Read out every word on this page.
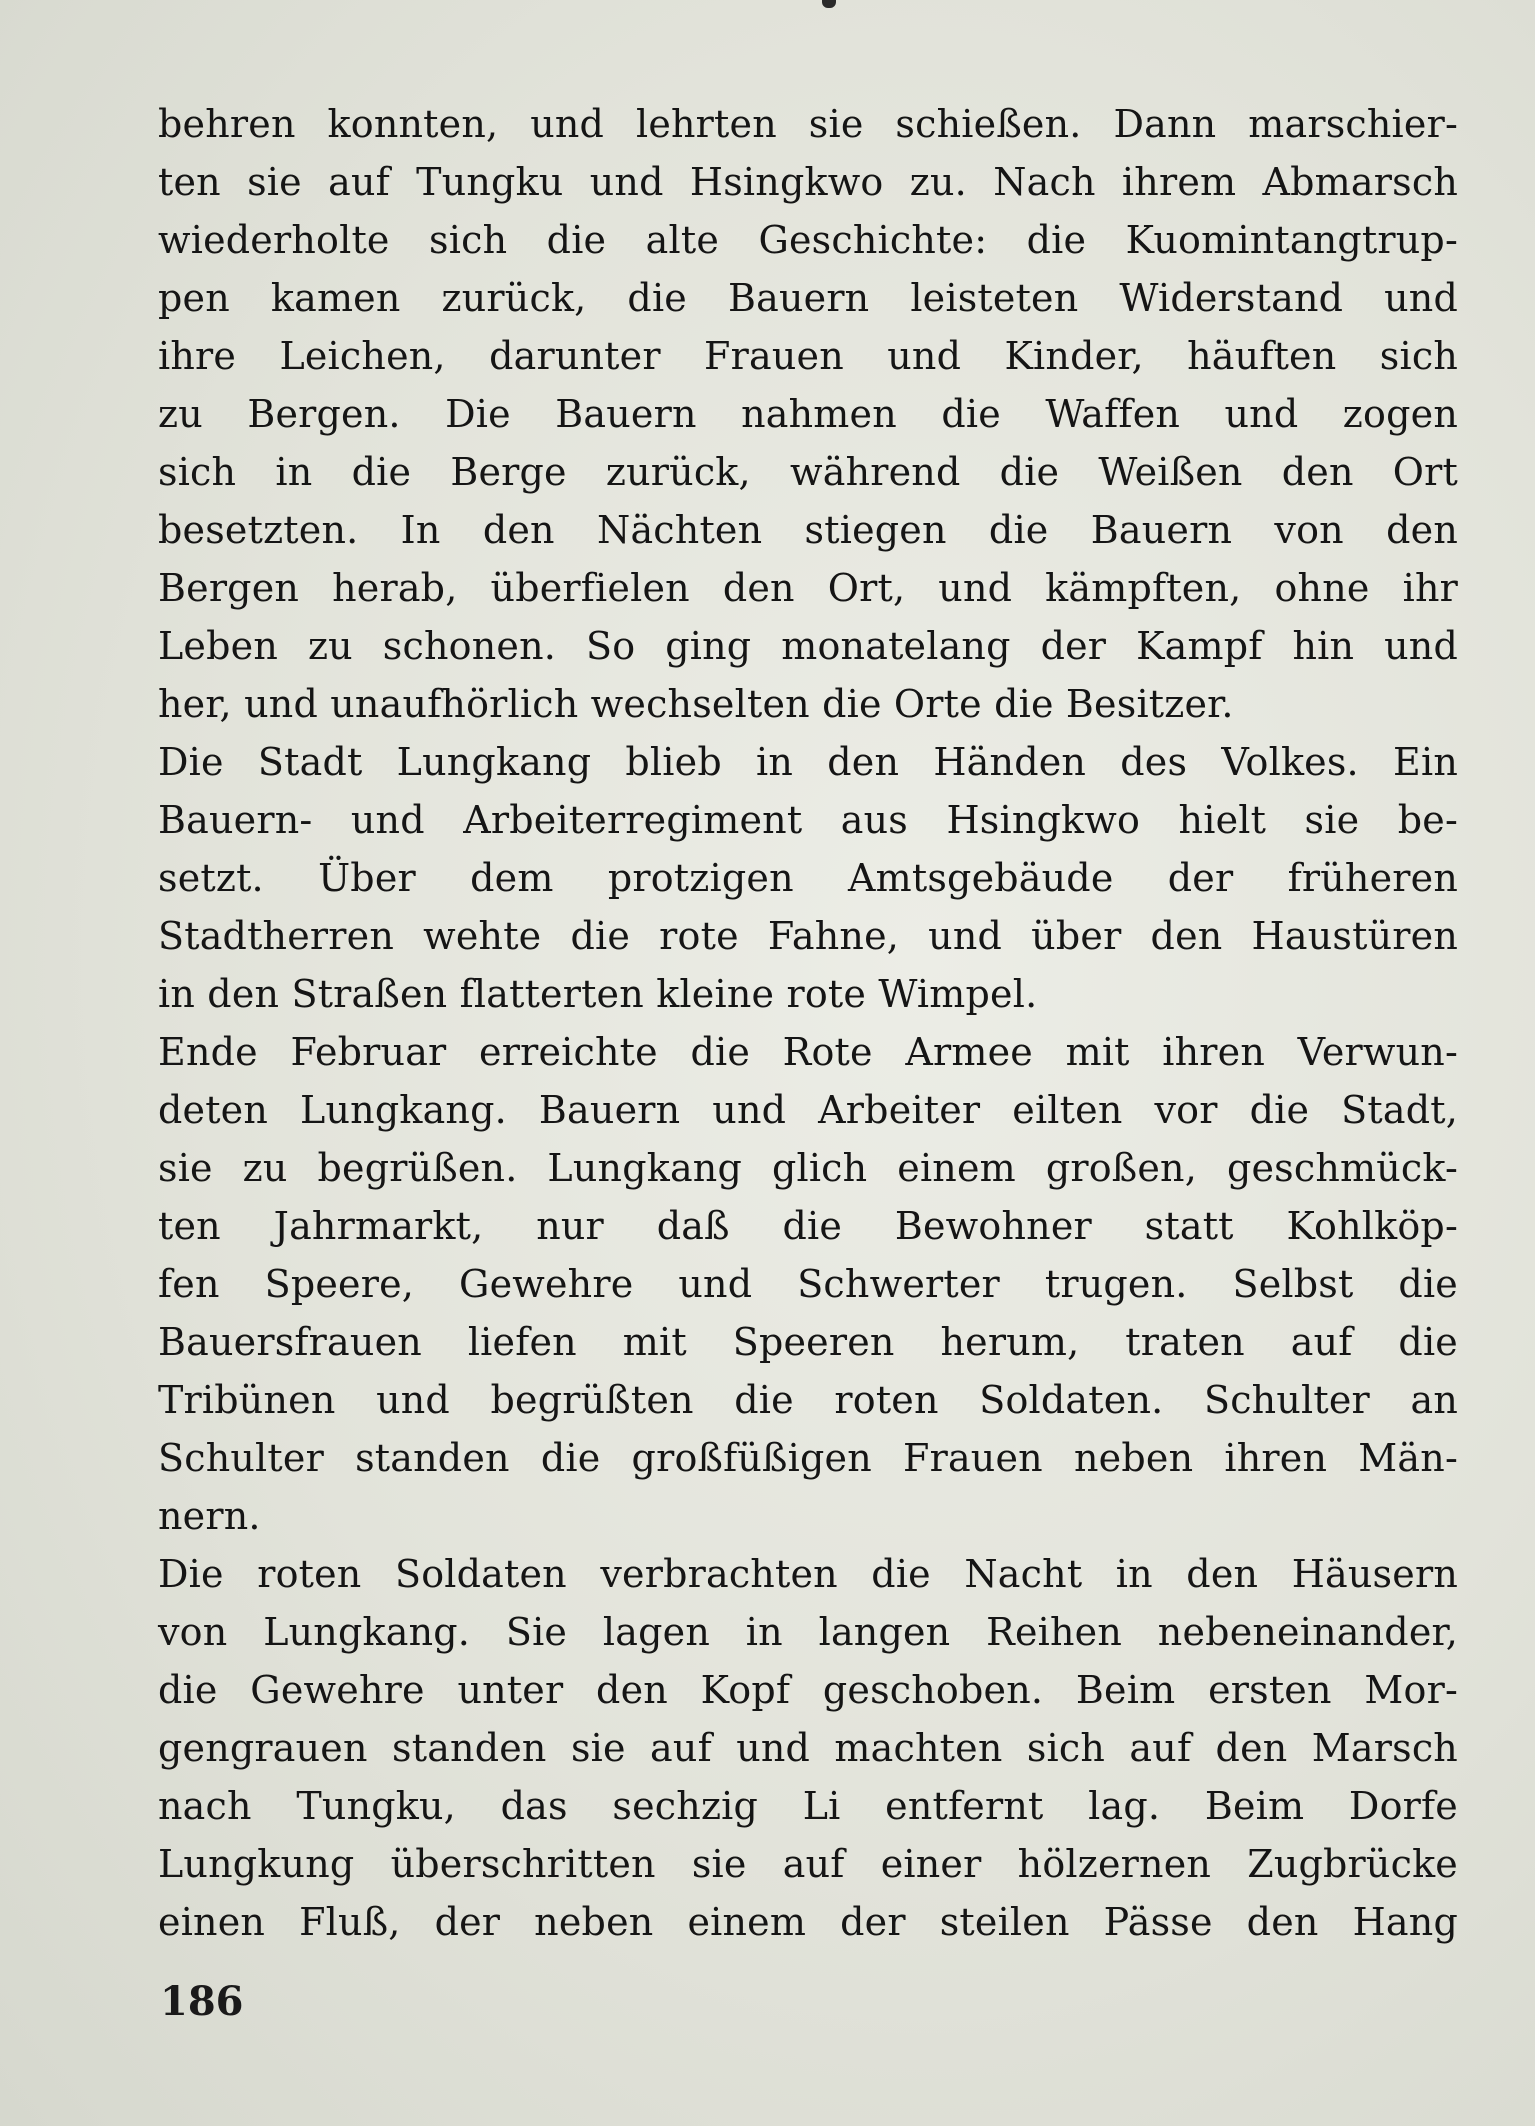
behren konnten, und lehrten sie schießen. Dann marschier-
ten sie auf Tungku und Hsingkwo zu. Nach ihrem Abmarsch
wiederholte sich die alte Geschichte: die Kuomintangtrup-
pen kamen zurück, die Bauern leisteten Widerstand und
ihre Leichen, darunter Frauen und Kinder, häuften sich
zu Bergen. Die Bauern nahmen die Waffen und zogen
sich in die Berge zurück, während die Weißen den Ort
besetzten. In den Nächten stiegen die Bauern von den
Bergen herab, überfielen den Ort, und kämpften, ohne ihr
Leben zu schonen. So ging monatelang der Kampf hin und
her, und unaufhörlich wechselten die Orte die Besitzer.
Die Stadt Lungkang blieb in den Händen des Volkes. Ein
Bauern- und Arbeiterregiment aus Hsingkwo hielt sie be-
setzt. Über dem protzigen Amtsgebäude der früheren
Stadtherren wehte die rote Fahne, und über den Haustüren
in den Straßen flatterten kleine rote Wimpel.
Ende Februar erreichte die Rote Armee mit ihren Verwun-
deten Lungkang. Bauern und Arbeiter eilten vor die Stadt,
sie zu begrüßen. Lungkang glich einem großen, geschmück-
ten Jahrmarkt, nur daß die Bewohner statt Kohlköp-
fen Speere, Gewehre und Schwerter trugen. Selbst die
Bauersfrauen liefen mit Speeren herum, traten auf die
Tribünen und begrüßten die roten Soldaten. Schulter an
Schulter standen die großfüßigen Frauen neben ihren Män-
nern.
Die roten Soldaten verbrachten die Nacht in den Häusern
von Lungkang. Sie lagen in langen Reihen nebeneinander,
die Gewehre unter den Kopf geschoben. Beim ersten Mor-
gengrauen standen sie auf und machten sich auf den Marsch
nach Tungku, das sechzig Li entfernt lag. Beim Dorfe
Lungkung überschritten sie auf einer hölzernen Zugbrücke
einen Fluß, der neben einem der steilen Pässe den Hang
186
